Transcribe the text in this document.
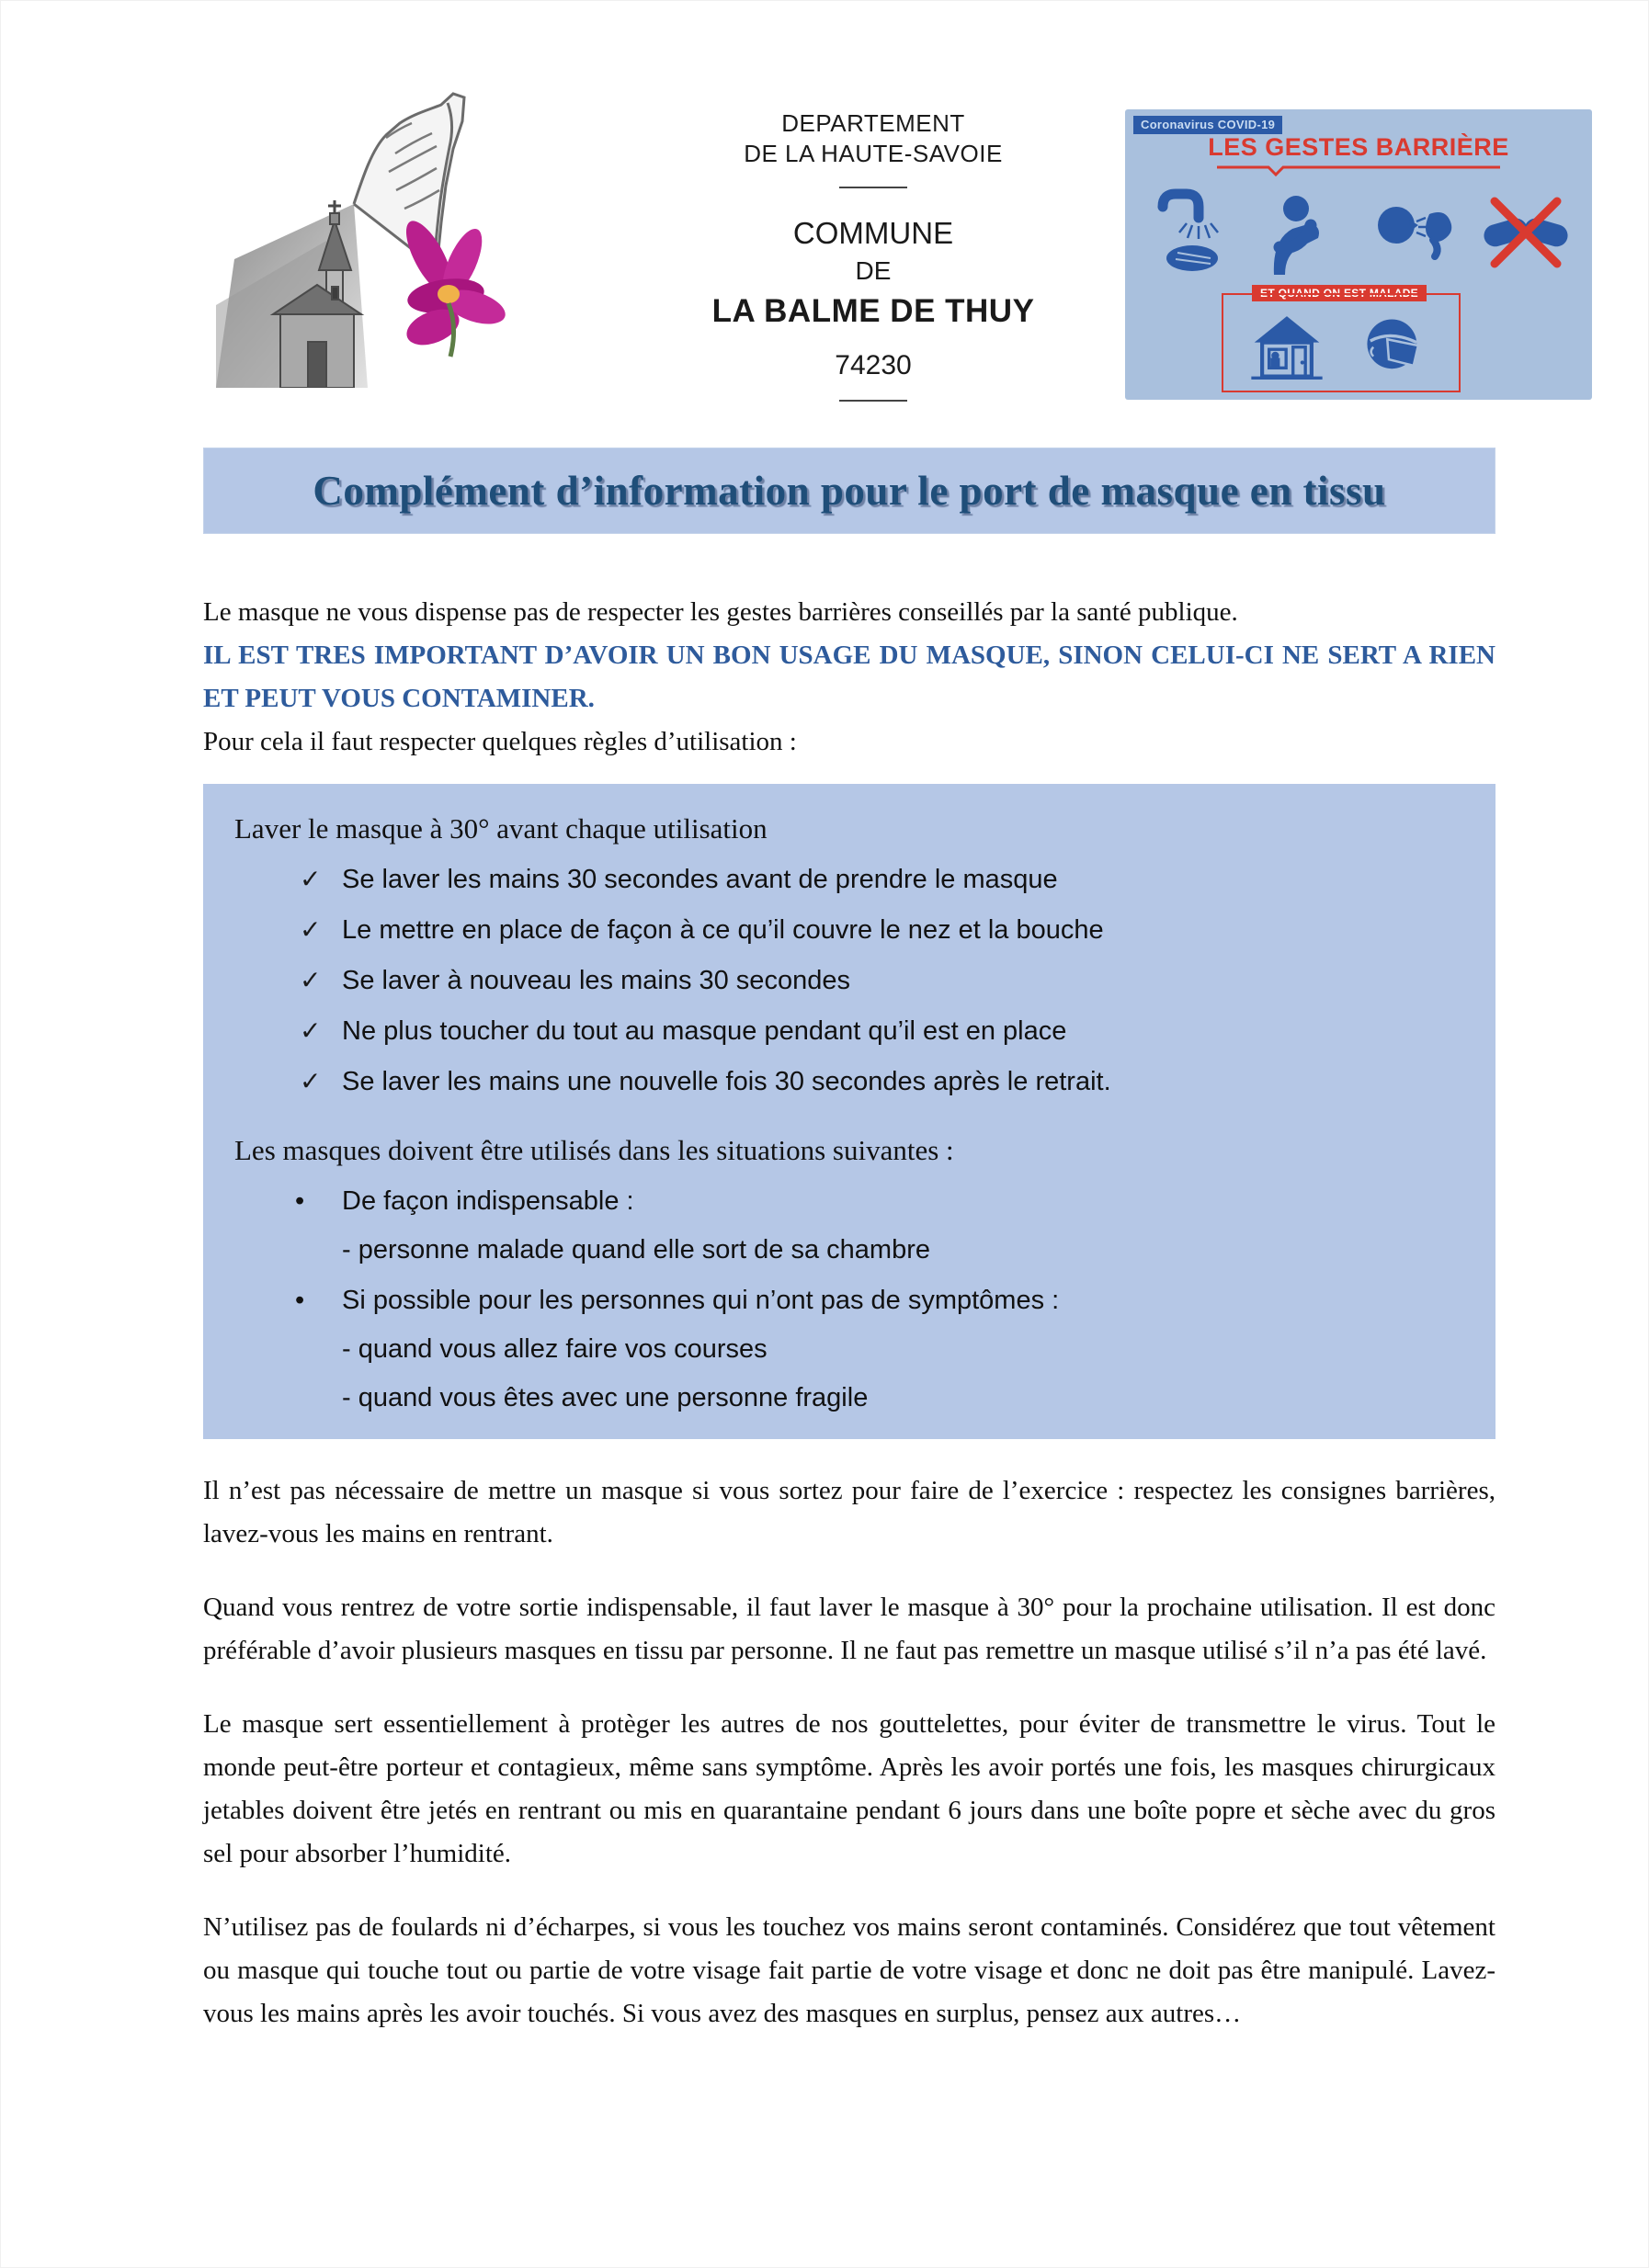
DEPARTEMENT
DE LA HAUTE-SAVOIE
COMMUNE
DE
LA BALME DE THUY
74230
Coronavirus COVID-19
LES GESTES BARRIÈRE
ET QUAND ON EST MALADE
Complément d’information pour le port de masque en tissu

Le masque ne vous dispense pas de respecter les gestes barrières conseillés par la santé publique.

IL EST TRES IMPORTANT D’AVOIR UN BON USAGE DU MASQUE, SINON CELUI-CI NE SERT A RIEN ET PEUT VOUS CONTAMINER.

Pour cela il faut respecter quelques règles d’utilisation :

Laver le masque à 30° avant chaque utilisation
✓ Se laver les mains 30 secondes avant de prendre le masque
✓ Le mettre en place de façon à ce qu’il couvre le nez et la bouche
✓ Se laver à nouveau les mains 30 secondes
✓ Ne plus toucher du tout au masque pendant qu’il est en place
✓ Se laver les mains une nouvelle fois 30 secondes après le retrait.
Les masques doivent être utilisés dans les situations suivantes :
•	De façon indispensable :
- personne malade quand elle sort de sa chambre
•	Si possible pour les personnes qui n’ont pas de symptômes :
- quand vous allez faire vos courses
- quand vous êtes avec une personne fragile

Il n’est pas nécessaire de mettre un masque si vous sortez pour faire de l’exercice : respectez les consignes barrières, lavez-vous les mains en rentrant.

Quand vous rentrez de votre sortie indispensable, il faut laver le masque à 30° pour la prochaine utilisation. Il est donc préférable d’avoir plusieurs masques en tissu par personne. Il ne faut pas remettre un masque utilisé s’il n’a pas été lavé.

Le masque sert essentiellement à protèger les autres de nos gouttelettes, pour éviter de transmettre le virus. Tout le monde peut-être porteur et contagieux, même sans symptôme. Après les avoir portés une fois, les masques chirurgicaux jetables doivent être jetés en rentrant ou mis en quarantaine pendant 6 jours dans une boîte popre et sèche avec du gros sel pour absorber l’humidité.

N’utilisez pas de foulards ni d’écharpes, si vous les touchez vos mains seront contaminés. Considérez que tout vêtement ou masque qui touche tout ou partie de votre visage fait partie de votre visage et donc ne doit pas être manipulé. Lavez-vous les mains après les avoir touchés. Si vous avez des masques en surplus, pensez aux autres…
